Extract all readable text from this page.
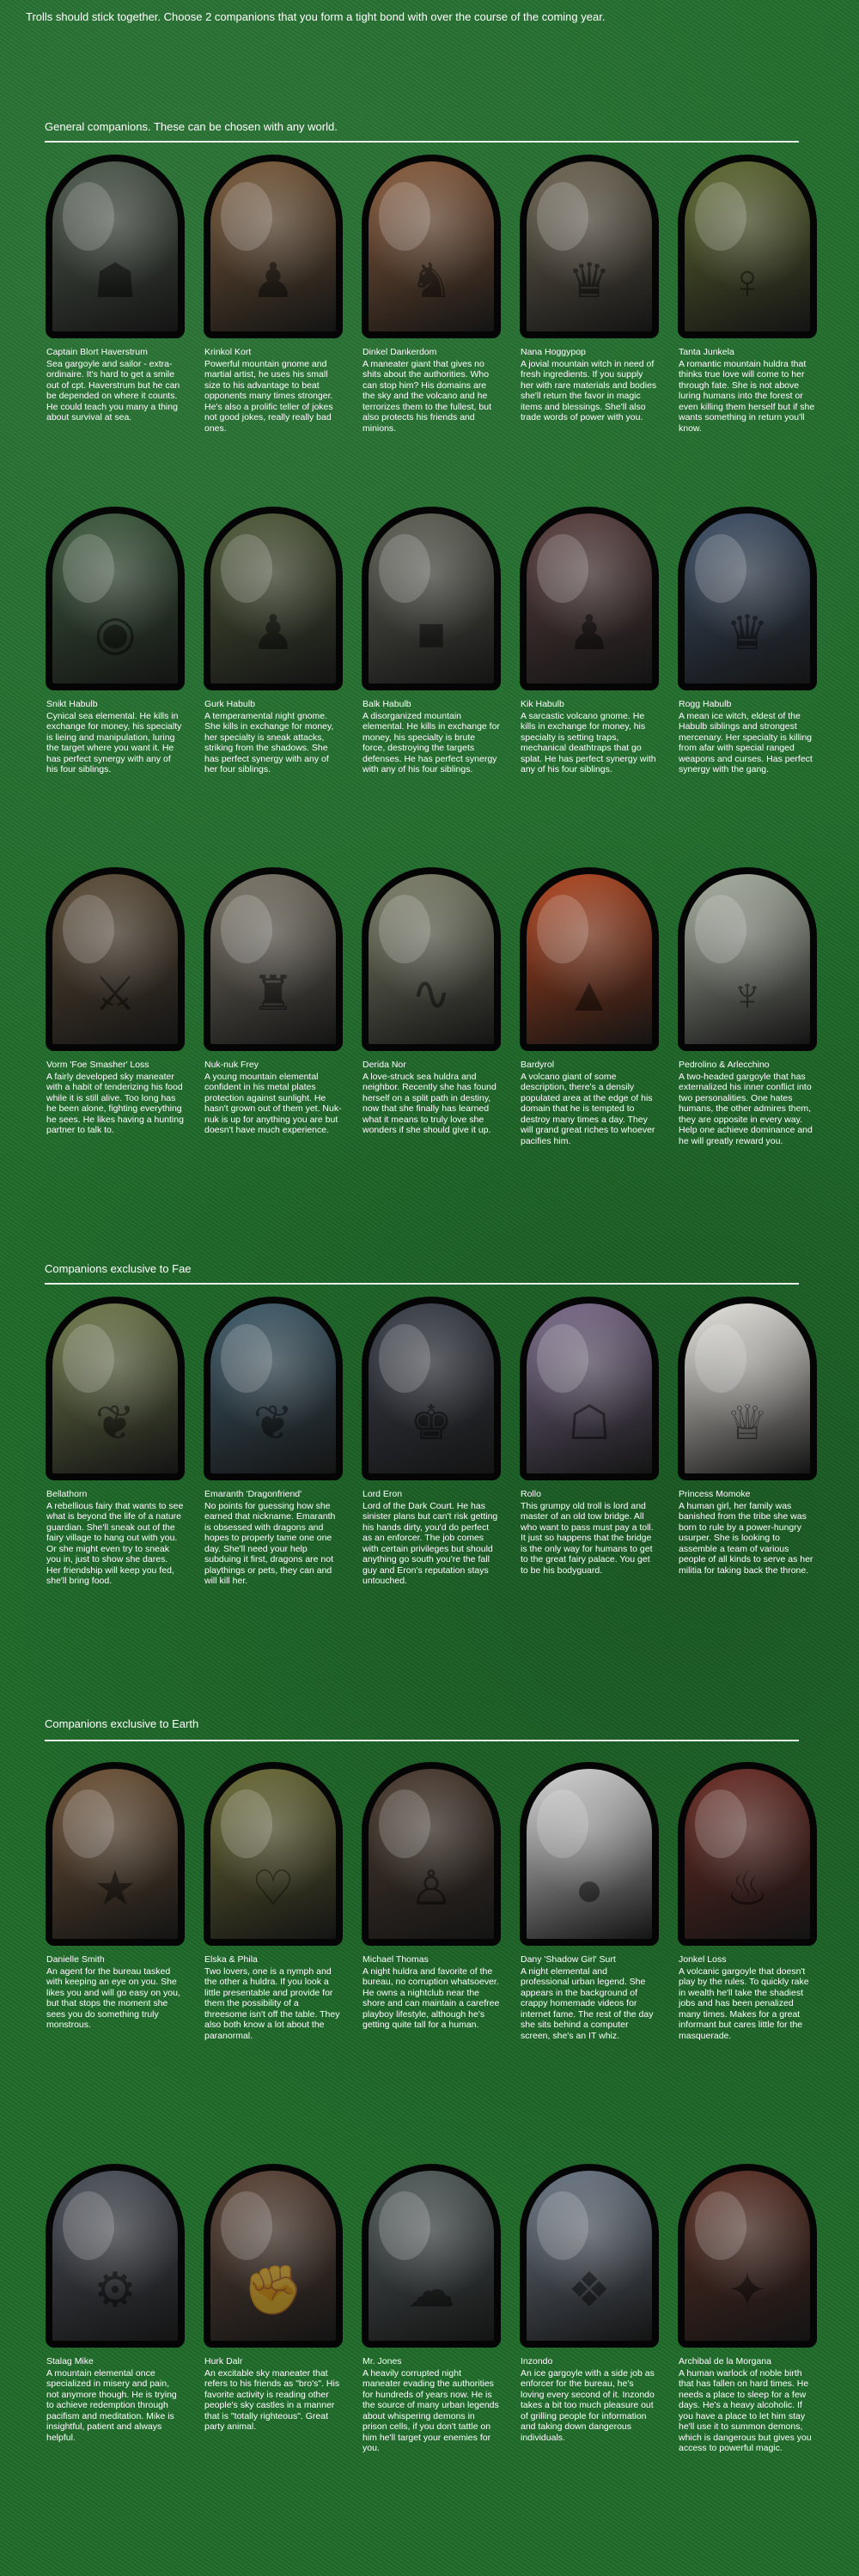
Trolls should stick together. Choose 2 companions that you form a tight bond with over the course of the coming year.
General companions. These can be chosen with any world.
☗
Captain Blort Haverstrum
Sea gargoyle and sailor - extra-ordinaire. It's hard to get a smile out of cpt. Haverstrum but he can be depended on where it counts. He could teach you many a thing about survival at sea.
♟
Krinkol Kort
Powerful mountain gnome and martial artist, he uses his small size to his advantage to beat opponents many times stronger. He's also a prolific teller of jokes not good jokes, really really bad ones.
♞
Dinkel Dankerdom
A maneater giant that gives no shits about the authorities. Who can stop him? His domains are the sky and the volcano and he terrorizes them to the fullest, but also protects his friends and minions.
♛
Nana Hoggypop
A jovial mountain witch in need of fresh ingredients. If you supply her with rare materials and bodies she'll return the favor in magic items and blessings. She'll also trade words of power with you.
♀
Tanta Junkela
A romantic mountain huldra that thinks true love will come to her through fate. She is not above luring humans into the forest or even killing them herself but if she wants something in return you'll know.
◉
Snikt Habulb
Cynical sea elemental. He kills in exchange for money, his specialty is lieing and manipulation, luring the target where you want it. He has perfect synergy with any of his four siblings.
♟
Gurk Habulb
A temperamental night gnome. She kills in exchange for money, her specialty is sneak attacks, striking from the shadows. She has perfect synergy with any of her four siblings.
■
Balk Habulb
A disorganized mountain elemental. He kills in exchange for money, his specialty is brute force, destroying the targets defenses. He has perfect synergy with any of his four siblings.
♟
Kik Habulb
A sarcastic volcano gnome. He kills in exchange for money, his specialty is setting traps, mechanical deathtraps that go splat. He has perfect synergy with any of his four siblings.
♛
Rogg Habulb
A mean ice witch, eldest of the Habulb siblings and strongest mercenary. Her specialty is killing from afar with special ranged weapons and curses. Has perfect synergy with the gang.
⚔
Vorm 'Foe Smasher' Loss
A fairly developed sky maneater with a habit of tenderizing his food while it is still alive. Too long has he been alone, fighting everything he sees. He likes having a hunting partner to talk to.
♜
Nuk-nuk Frey
A young mountain elemental confident in his metal plates protection against sunlight. He hasn't grown out of them yet. Nuk-nuk is up for anything you are but doesn't have much experience.
∿
Derida Nor
A love-struck sea huldra and neighbor. Recently she has found herself on a split path in destiny, now that she finally has learned what it means to truly love she wonders if she should give it up.
▲
Bardyrol
A volcano giant of some description, there's a densily populated area at the edge of his domain that he is tempted to destroy many times a day. They will grand great riches to whoever pacifies him.
♆
Pedrolino & Arlecchino
A two-headed gargoyle that has externalized his inner conflict into two personalities. One hates humans, the other admires them, they are opposite in every way. Help one achieve dominance and he will greatly reward you.
Companions exclusive to Fae
❦
Bellathorn
A rebellious fairy that wants to see what is beyond the life of a nature guardian. She'll sneak out of the fairy village to hang out with you. Or she might even try to sneak you in, just to show she dares. Her friendship will keep you fed, she'll bring food.
❦
Emaranth 'Dragonfriend'
No points for guessing how she earned that nickname. Emaranth is obsessed with dragons and hopes to properly tame one one day. She'll need your help subduing it first, dragons are not playthings or pets, they can and will kill her.
♚
Lord Eron
Lord of the Dark Court. He has sinister plans but can't risk getting his hands dirty, you'd do perfect as an enforcer. The job comes with certain privileges but should anything go south you're the fall guy and Eron's reputation stays untouched.
☖
Rollo
This grumpy old troll is lord and master of an old tow bridge. All who want to pass must pay a toll. It just so happens that the bridge is the only way for humans to get to the great fairy palace. You get to be his bodyguard.
♕
Princess Momoke
A human girl, her family was banished from the tribe she was born to rule by a power-hungry usurper. She is looking to assemble a team of various people of all kinds to serve as her militia for taking back the throne.
Companions exclusive to Earth
★
Danielle Smith
An agent for the bureau tasked with keeping an eye on you. She likes you and will go easy on you, but that stops the moment she sees you do something truly monstrous.
♡
Elska & Phila
Two lovers, one is a nymph and the other a huldra. If you look a little presentable and provide for them the possibility of a threesome isn't off the table. They also both know a lot about the paranormal.
♙
Michael Thomas
A night huldra and favorite of the bureau, no corruption whatsoever. He owns a nightclub near the shore and can maintain a carefree playboy lifestyle, although he's getting quite tall for a human.
●
Dany 'Shadow Girl' Surt
A night elemental and professional urban legend. She appears in the background of crappy homemade videos for internet fame. The rest of the day she sits behind a computer screen, she's an IT whiz.
♨
Jonkel Loss
A volcanic gargoyle that doesn't play by the rules. To quickly rake in wealth he'll take the shadiest jobs and has been penalized many times. Makes for a great informant but cares little for the masquerade.
⚙
Stalag Mike
A mountain elemental once specialized in misery and pain, not anymore though. He is trying to achieve redemption through pacifism and meditation. Mike is insightful, patient and always helpful.
✊
Hurk Dalr
An excitable sky maneater that refers to his friends as "bro's". His favorite activity is reading other people's sky castles in a manner that is "totally righteous". Great party animal.
☁
Mr. Jones
A heavily corrupted night maneater evading the authorities for hundreds of years now. He is the source of many urban legends about whispering demons in prison cells, if you don't tattle on him he'll target your enemies for you.
❖
Inzondo
An ice gargoyle with a side job as enforcer for the bureau, he's loving every second of it. Inzondo takes a bit too much pleasure out of grilling people for information and taking down dangerous individuals.
✦
Archibal de la Morgana
A human warlock of noble birth that has fallen on hard times. He needs a place to sleep for a few days. He's a heavy alcoholic. If you have a place to let him stay he'll use it to summon demons, which is dangerous but gives you access to powerful magic.
